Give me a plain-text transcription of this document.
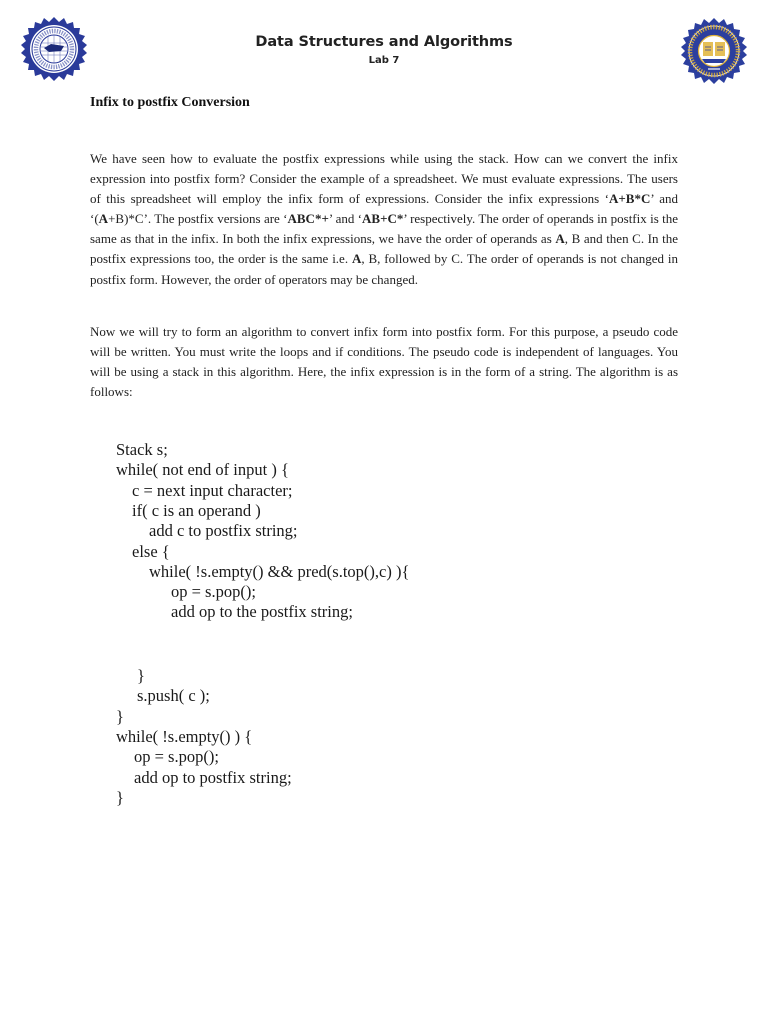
Data Structures and Algorithms
Lab 7
Infix to postfix Conversion

We have seen how to evaluate the postfix expressions while using the stack. How can we convert the infix expression into postfix form? Consider the example of a spreadsheet. We must evaluate expressions. The users of this spreadsheet will employ the infix form of expressions. Consider the infix expressions ‘A+B*C’ and ‘(A+B)*C’. The postfix versions are ‘ABC*+’ and ‘AB+C*’ respectively. The order of operands in postfix is the same as that in the infix. In both the infix expressions, we have the order of operands as A, B and then C. In the postfix expressions too, the order is the same i.e. A, B, followed by C. The order of operands is not changed in postfix form. However, the order of operators may be changed.

Now we will try to form an algorithm to convert infix form into postfix form. For this purpose, a pseudo code will be written. You must write the loops and if conditions. The pseudo code is independent of languages. You will be using a stack in this algorithm. Here, the infix expression is in the form of a string. The algorithm is as follows:

Stack s;
while( not end of input ) {
c = next input character;
if( c is an operand )
add c to postfix string;
else {
while( !s.empty() && pred(s.top(),c) ){
op = s.pop();
add op to the postfix string;
}
s.push( c );
}
while( !s.empty() ) {
op = s.pop();
add op to postfix string;
}
